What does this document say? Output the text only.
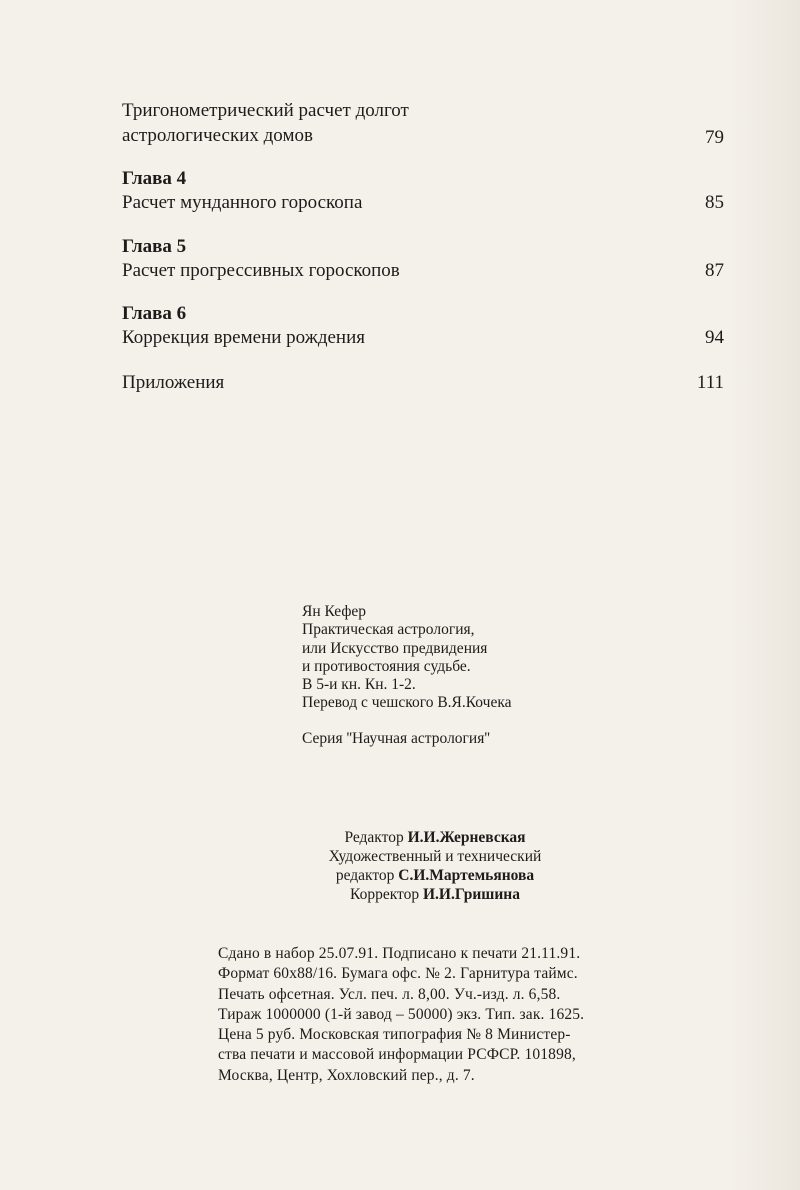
Тригонометрический расчет долгот
астрологических домов	79
Глава 4
Расчет мунданного гороскопа	85
Глава 5
Расчет прогрессивных гороскопов	87
Глава 6
Коррекция времени рождения	94
Приложения	111
Ян Кефер
Практическая астрология,
или Искусство предвидения
и противостояния судьбе.
В 5-и кн. Кн. 1-2.
Перевод с чешского В.Я.Кочека
Серия ''Научная астрология''
Редактор И.И.Жерневская
Художественный и технический
редактор С.И.Мартемьянова
Корректор И.И.Гришина
Сдано в набор 25.07.91. Подписано к печати 21.11.91.
Формат 60x88/16. Бумага офс. № 2. Гарнитура таймс.
Печать офсетная. Усл. печ. л. 8,00. Уч.-изд. л. 6,58.
Тираж 1000000 (1-й завод – 50000) экз. Тип. зак. 1625.
Цена 5 руб. Московская типография № 8 Министер-
ства печати и массовой информации РСФСР. 101898,
Москва, Центр, Хохловский пер., д. 7.
